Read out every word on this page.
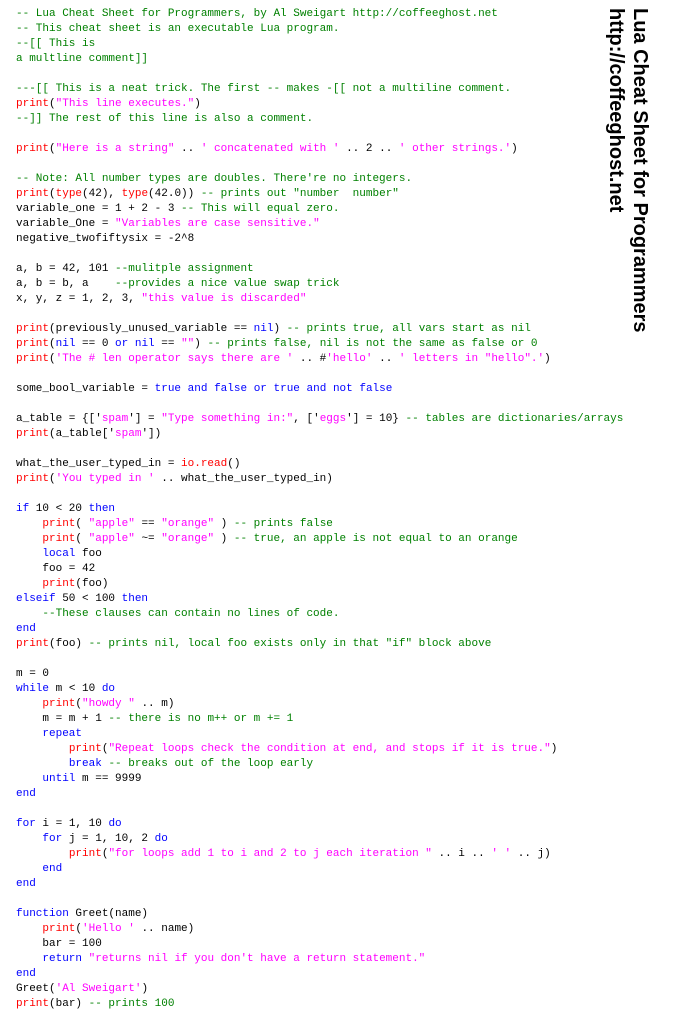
-- Lua Cheat Sheet for Programmers, by Al Sweigart http://coffeeghost.net
-- This cheat sheet is an executable Lua program.
--[[ This is
a multline comment]]
---[[ This is a neat trick. The first -- makes -[[ not a multiline comment.
print("This line executes.")
--]] The rest of this line is also a comment.
print("Here is a string" .. ' concatenated with ' .. 2 .. ' other strings.')
-- Note: All number types are doubles. There're no integers.
print(type(42), type(42.0)) -- prints out "number  number"
variable_one = 1 + 2 - 3 -- This will equal zero.
variable_One = "Variables are case sensitive."
negative_twofiftysix = -2^8
a, b = 42, 101 --mulitple assignment
a, b = b, a    --provides a nice value swap trick
x, y, z = 1, 2, 3, "this value is discarded"
print(previously_unused_variable == nil) -- prints true, all vars start as nil
print(nil == 0 or nil == "") -- prints false, nil is not the same as false or 0
print('The # len operator says there are ' .. #'hello' .. ' letters in "hello".')
some_bool_variable = true and false or true and not false
a_table = {['spam'] = "Type something in:", ['eggs'] = 10} -- tables are dictionaries/arrays
print(a_table['spam'])
what_the_user_typed_in = io.read()
print('You typed in ' .. what_the_user_typed_in)
if 10 < 20 then
print( "apple" == "orange" ) -- prints false
print( "apple" ~= "orange" ) -- true, an apple is not equal to an orange
local foo
foo = 42
print(foo)
elseif 50 < 100 then
--These clauses can contain no lines of code.
end
print(foo) -- prints nil, local foo exists only in that "if" block above
m = 0
while m < 10 do
print("howdy " .. m)
m = m + 1 -- there is no m++ or m += 1
repeat
print("Repeat loops check the condition at end, and stops if it is true.")
break -- breaks out of the loop early
until m == 9999
end
for i = 1, 10 do
for j = 1, 10, 2 do
print("for loops add 1 to i and 2 to j each iteration " .. i .. ' ' .. j)
end
end
function Greet(name)
print('Hello ' .. name)
bar = 100
return "returns nil if you don't have a return statement."
end
Greet('Al Sweigart')
print(bar) -- prints 100
Lua Cheat Sheet for Programmers
http://coffeeghost.net
